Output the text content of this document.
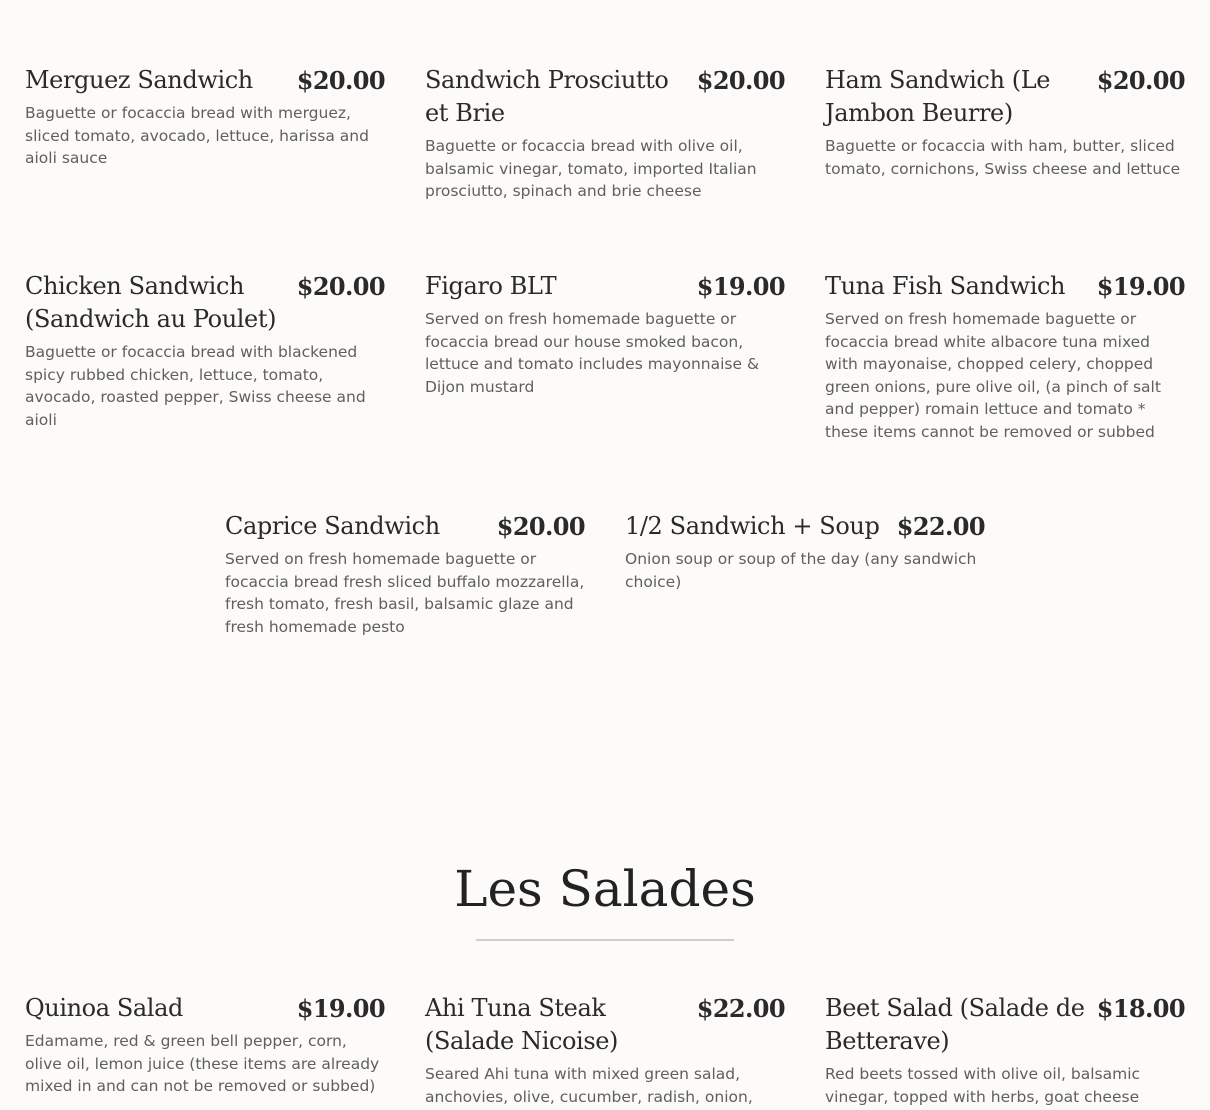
Merguez Sandwich $20.00

Baguette or focaccia bread with merguez, sliced tomato, avocado, lettuce, harissa and aioli sauce

Sandwich Prosciutto et Brie
$20.00

Baguette or focaccia bread with olive oil, balsamic vinegar, tomato, imported Italian prosciutto, spinach and brie cheese

Ham Sandwich (Le Jambon Beurre)
$20.00

Baguette or focaccia with ham, butter, sliced tomato, cornichons, Swiss cheese and lettuce

Chicken Sandwich (Sandwich au Poulet)
$20.00

Baguette or focaccia bread with blackened spicy rubbed chicken, lettuce, tomato, avocado, roasted pepper, Swiss cheese and aioli

Figaro BLT	$19.00

Served on fresh homemade baguette or focaccia bread our house smoked bacon, lettuce and tomato includes mayonnaise & Dijon mustard

Tuna Fish Sandwich $19.00

Served on fresh homemade baguette or focaccia bread white albacore tuna mixed with mayonaise, chopped celery, chopped green onions, pure olive oil, (a pinch of salt and pepper) romain lettuce and tomato * these items cannot be removed or subbed

Caprice Sandwich $20.00

Served on fresh homemade baguette or focaccia bread fresh sliced buffalo mozzarella, fresh tomato, fresh basil, balsamic glaze and fresh homemade pesto

1/2 Sandwich + Soup $22.00

Onion soup or soup of the day (any sandwich choice)

Les Salades
Quinoa Salad	$19.00

Edamame, red & green bell pepper, corn, olive oil, lemon juice (these items are already mixed in and can not be removed or subbed)

Ahi Tuna Steak (Salade Nicoise)
$22.00

Seared Ahi tuna with mixed green salad, anchovies, olive, cucumber, radish, onion,

Beet Salad (Salade de Betterave)
$18.00

Red beets tossed with olive oil, balsamic vinegar, topped with herbs, goat cheese
